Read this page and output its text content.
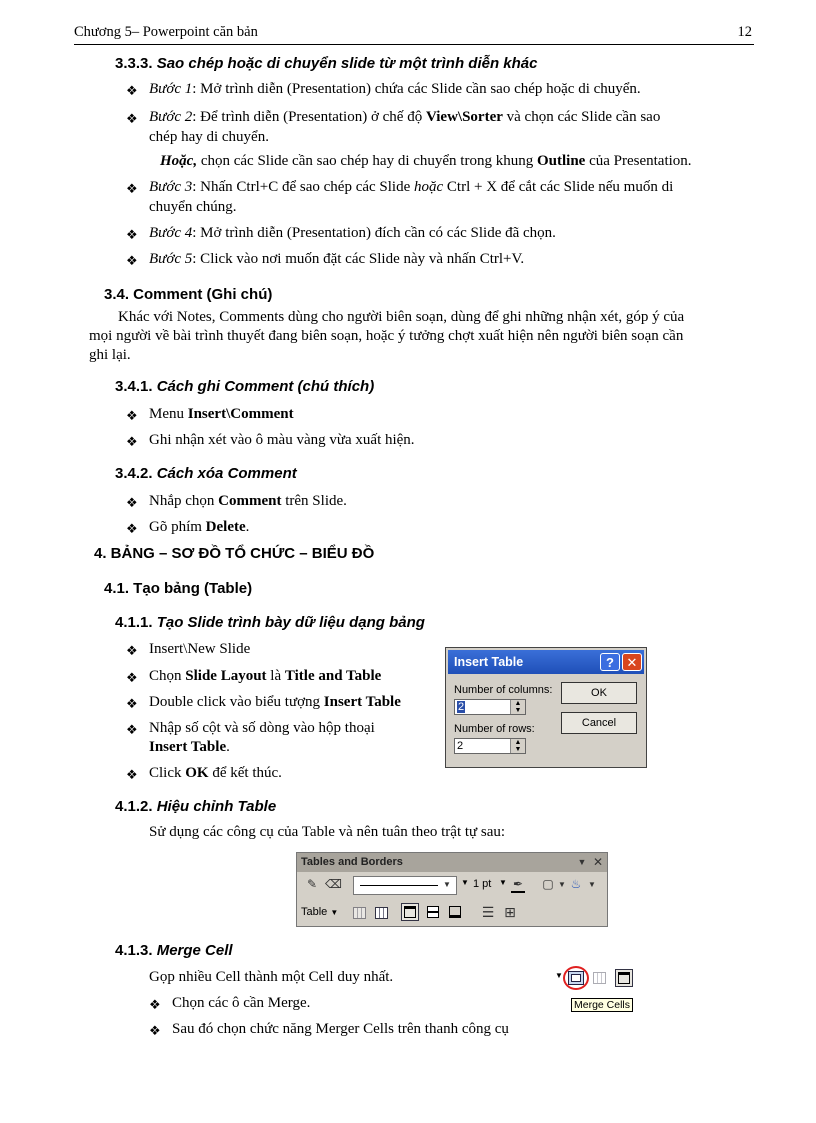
Chương 5– Powerpoint căn bản	12
3.3.3. Sao chép hoặc di chuyển slide từ một trình diễn khác
❖ Bước 1: Mở trình diễn (Presentation) chứa các Slide cần sao chép hoặc di chuyển.
❖ Bước 2: Để trình diễn (Presentation) ở chế độ View\Sorter và chọn các Slide cần sao
chép hay di chuyển.
Hoặc, chọn các Slide cần sao chép hay di chuyển trong khung Outline của Presentation.
❖ Bước 3: Nhấn Ctrl+C để sao chép các Slide hoặc Ctrl + X để cắt các Slide nếu muốn di
chuyển chúng.
❖ Bước 4: Mở trình diễn (Presentation) đích cần có các Slide đã chọn.
❖ Bước 5: Click vào nơi muốn đặt các Slide này và nhấn Ctrl+V.
3.4. Comment (Ghi chú)
Khác với Notes, Comments dùng cho người biên soạn, dùng để ghi những nhận xét, góp ý của
mọi người về bài trình thuyết đang biên soạn, hoặc ý tưởng chợt xuất hiện nên người biên soạn cần
ghi lại.
3.4.1. Cách ghi Comment (chú thích)
❖ Menu Insert\Comment
❖ Ghi nhận xét vào ô màu vàng vừa xuất hiện.
3.4.2. Cách xóa Comment
❖ Nhắp chọn Comment trên Slide.
❖ Gõ phím Delete.
4. BẢNG – SƠ ĐỒ TỔ CHỨC – BIỂU ĐỒ
4.1. Tạo bảng (Table)
4.1.1. Tạo Slide trình bày dữ liệu dạng bảng
❖ Insert\New Slide
❖ Chọn Slide Layout là Title and Table
❖ Double click vào biểu tượng Insert Table
❖ Nhập số cột và số dòng vào hộp thoại
Insert Table.
❖ Click OK để kết thúc.
Insert Table	? ✕
Number of columns:
2	▲
▼
Number of rows:
2	▲
▼
OK
Cancel
4.1.2. Hiệu chỉnh Table
Sử dụng các công cụ của Table và nên tuân theo trật tự sau:
Tables and Borders	▼ ✕
✎ ⌫	▼	▼ 1 pt ▼ ✒ ▢ ▼ ♨ ▼
Table ▼	☰ ⊞
4.1.3. Merge Cell
Gọp nhiều Cell thành một Cell duy nhất.
❖ Chọn các ô cần Merge.
❖ Sau đó chọn chức năng Merger Cells trên thanh công cụ
▼
Merge Cells
